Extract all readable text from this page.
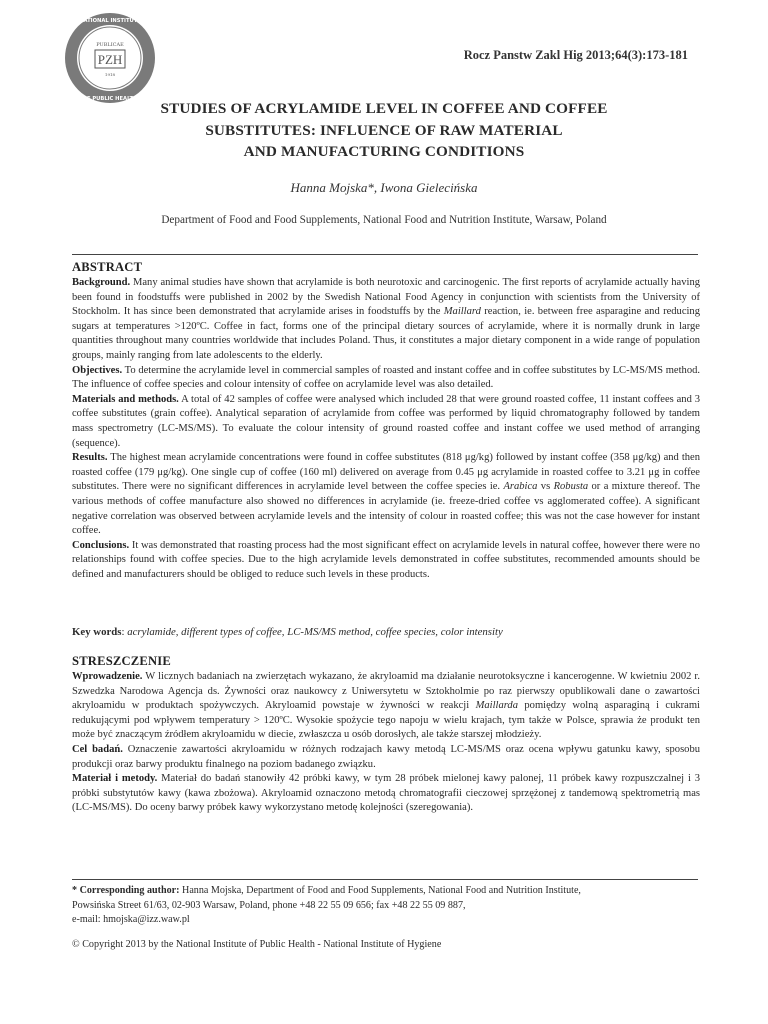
NATIONAL INSTITUTE
OF PUBLIC HEALTH
PUBLICAE
PZH
1918
Rocz Panstw Zakl Hig 2013;64(3):173-181
STUDIES OF ACRYLAMIDE LEVEL IN COFFEE AND COFFEE
SUBSTITUTES: INFLUENCE OF RAW MATERIAL
AND MANUFACTURING CONDITIONS
Hanna Mojska*, Iwona Gielecińska
Department of Food and Food Supplements, National Food and Nutrition Institute, Warsaw, Poland
ABSTRACT

Background. Many animal studies have shown that acrylamide is both neurotoxic and carcinogenic. The first reports of acrylamide actually having been found in foodstuffs were published in 2002 by the Swedish National Food Agency in conjunction with scientists from the University of Stockholm. It has since been demonstrated that acrylamide arises in foodstuffs by the Maillard reaction, ie. between free asparagine and reducing sugars at temperatures >120ºC. Coffee in fact, forms one of the principal dietary sources of acrylamide, where it is normally drunk in large quantities throughout many countries worldwide that includes Poland. Thus, it constitutes a major dietary component in a wide range of population groups, mainly ranging from late adolescents to the elderly.

Objectives. To determine the acrylamide level in commercial samples of roasted and instant coffee and in coffee substitutes by LC-MS/MS method. The influence of coffee species and colour intensity of coffee on acrylamide level was also detailed.

Materials and methods. A total of 42 samples of coffee were analysed which included 28 that were ground roasted coffee, 11 instant coffees and 3 coffee substitutes (grain coffee). Analytical separation of acrylamide from coffee was performed by liquid chromatography followed by tandem mass spectrometry (LC-MS/MS). To evaluate the colour intensity of ground roasted coffee and instant coffee we used method of arranging (sequence).

Results. The highest mean acrylamide concentrations were found in coffee substitutes (818 μg/kg) followed by instant coffee (358 μg/kg) and then roasted coffee (179 μg/kg). One single cup of coffee (160 ml) delivered on average from 0.45 μg acrylamide in roasted coffee to 3.21 μg in coffee substitutes. There were no significant differences in acrylamide level between the coffee species ie. Arabica vs Robusta or a mixture thereof. The various methods of coffee manufacture also showed no differences in acrylamide (ie. freeze-dried coffee vs agglomerated coffee). A significant negative correlation was observed between acrylamide levels and the intensity of colour in roasted coffee; this was not the case however for instant coffee.

Conclusions. It was demonstrated that roasting process had the most significant effect on acrylamide levels in natural coffee, however there were no relationships found with coffee species. Due to the high acrylamide levels demonstrated in coffee substitutes, recommended amounts should be defined and manufacturers should be obliged to reduce such levels in these products.

Key words: acrylamide, different types of coffee, LC-MS/MS method, coffee species, color intensity
STRESZCZENIE

Wprowadzenie. W licznych badaniach na zwierzętach wykazano, że akryloamid ma działanie neurotoksyczne i kancerogenne. W kwietniu 2002 r. Szwedzka Narodowa Agencja ds. Żywności oraz naukowcy z Uniwersytetu w Sztokholmie po raz pierwszy opublikowali dane o zawartości akryloamidu w produktach spożywczych. Akryloamid powstaje w żywności w reakcji Maillarda pomiędzy wolną asparaginą i cukrami redukującymi pod wpływem temperatury > 120ºC. Wysokie spożycie tego napoju w wielu krajach, tym także w Polsce, sprawia że produkt ten może być znaczącym źródłem akryloamidu w diecie, zwłaszcza u osób dorosłych, ale także starszej młodzieży.

Cel badań. Oznaczenie zawartości akryloamidu w różnych rodzajach kawy metodą LC-MS/MS oraz ocena wpływu gatunku kawy, sposobu produkcji oraz barwy produktu finalnego na poziom badanego związku.

Materiał i metody. Materiał do badań stanowiły 42 próbki kawy, w tym 28 próbek mielonej kawy palonej, 11 próbek kawy rozpuszczalnej i 3 próbki substytutów kawy (kawa zbożowa). Akryloamid oznaczono metodą chromatografii cieczowej sprzężonej z tandemową spektrometrią mas (LC-MS/MS). Do oceny barwy próbek kawy wykorzystano metodę kolejności (szeregowania).

* Corresponding author: Hanna Mojska, Department of Food and Food Supplements, National Food and Nutrition Institute,

Powsińska Street 61/63, 02-903 Warsaw, Poland, phone +48 22 55 09 656; fax +48 22 55 09 887,

e-mail: hmojska@izz.waw.pl

© Copyright 2013 by the National Institute of Public Health - National Institute of Hygiene
